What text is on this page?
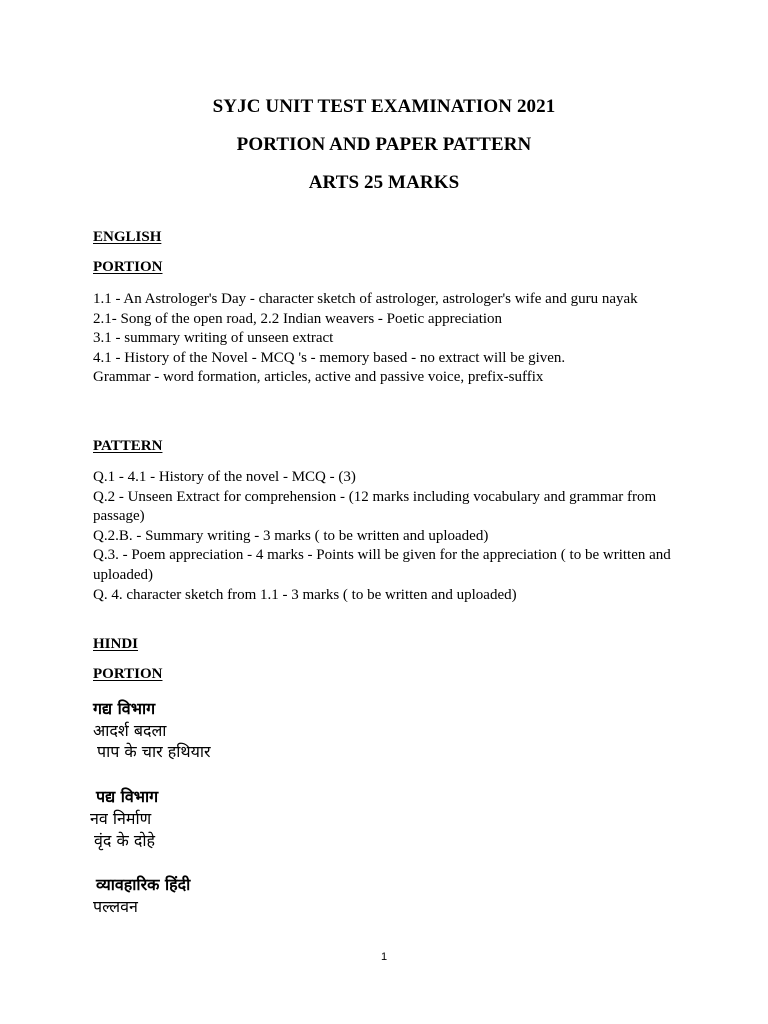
SYJC UNIT TEST EXAMINATION 2021
PORTION AND PAPER PATTERN
ARTS 25 MARKS
ENGLISH
PORTION
1.1 - An Astrologer's Day - character sketch of astrologer, astrologer's wife and guru nayak
2.1- Song of the open road, 2.2 Indian weavers - Poetic appreciation
3.1 - summary writing of unseen extract
4.1 - History of the Novel - MCQ 's - memory based - no extract will be given.
Grammar - word formation, articles, active and passive voice, prefix-suffix
PATTERN
Q.1 - 4.1 - History of the novel - MCQ - (3)
Q.2 - Unseen Extract for comprehension - (12 marks including vocabulary and grammar from passage)
Q.2.B. - Summary writing - 3 marks ( to be written and uploaded)
Q.3. - Poem appreciation - 4 marks - Points will be given for the appreciation ( to be written and uploaded)
Q. 4. character sketch from 1.1 - 3 marks ( to be written and uploaded)
HINDI
PORTION
गद्य विभाग
आदर्श बदला
पाप के चार हथियार
पद्य विभाग
नव निर्माण
वृंद के दोहे
व्यावहारिक हिंदी
पल्लवन
1
